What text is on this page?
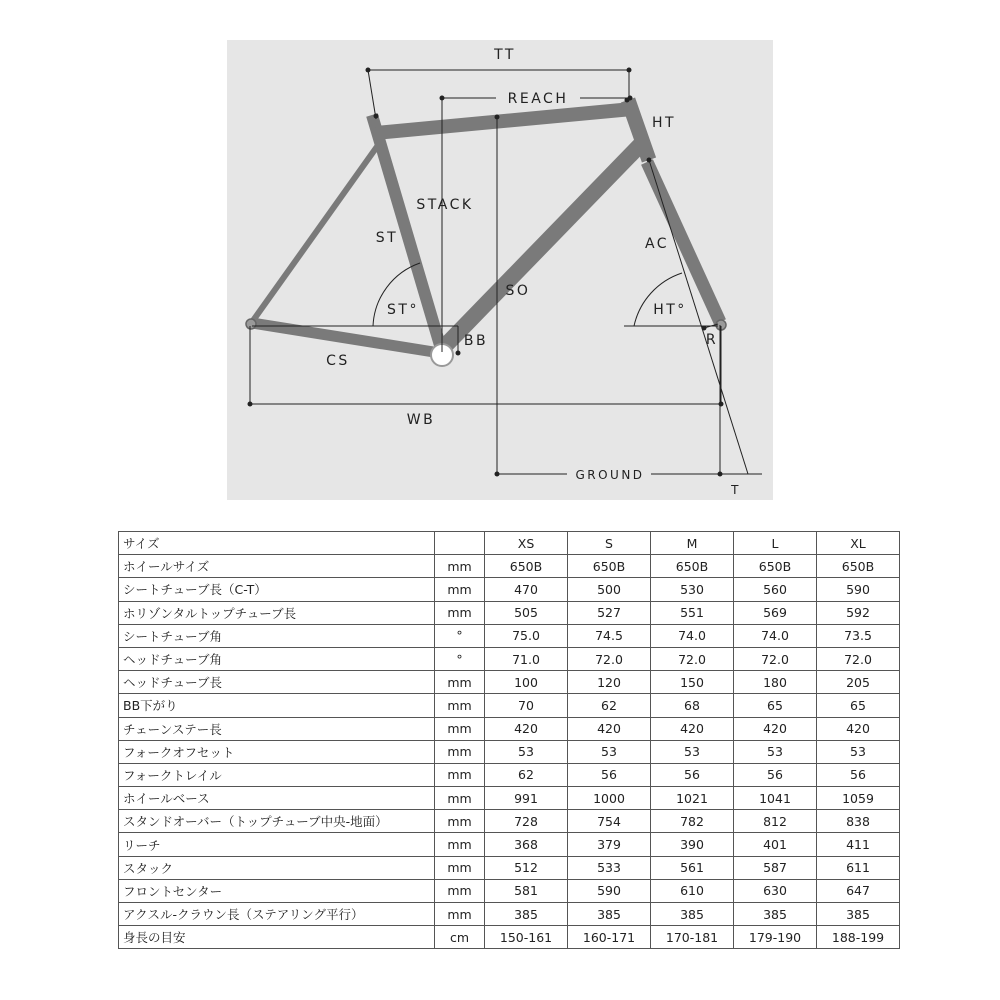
TT
REACH
HT
STACK
ST	AC
SO
ST°	HT°
BB	R
CS
WB
GROUND
T
サイズ		XS	S	M	L	XL
ホイールサイズ	mm	650B	650B	650B	650B	650B
シートチューブ長（C-T）	mm	470	500	530	560	590
ホリゾンタルトップチューブ長	mm	505	527	551	569	592
シートチューブ角	°	75.0	74.5	74.0	74.0	73.5
ヘッドチューブ角	°	71.0	72.0	72.0	72.0	72.0
ヘッドチューブ長	mm	100	120	150	180	205
BB下がり	mm	70	62	68	65	65
チェーンステー長	mm	420	420	420	420	420
フォークオフセット	mm	53	53	53	53	53
フォークトレイル	mm	62	56	56	56	56
ホイールベース	mm	991	1000	1021	1041	1059
スタンドオーバー（トップチューブ中央-地面）	mm	728	754	782	812	838
リーチ	mm	368	379	390	401	411
スタック	mm	512	533	561	587	611
フロントセンター	mm	581	590	610	630	647
アクスル-クラウン長（ステアリング平行）	mm	385	385	385	385	385
身長の目安	cm	150-161	160-171	170-181	179-190	188-199
